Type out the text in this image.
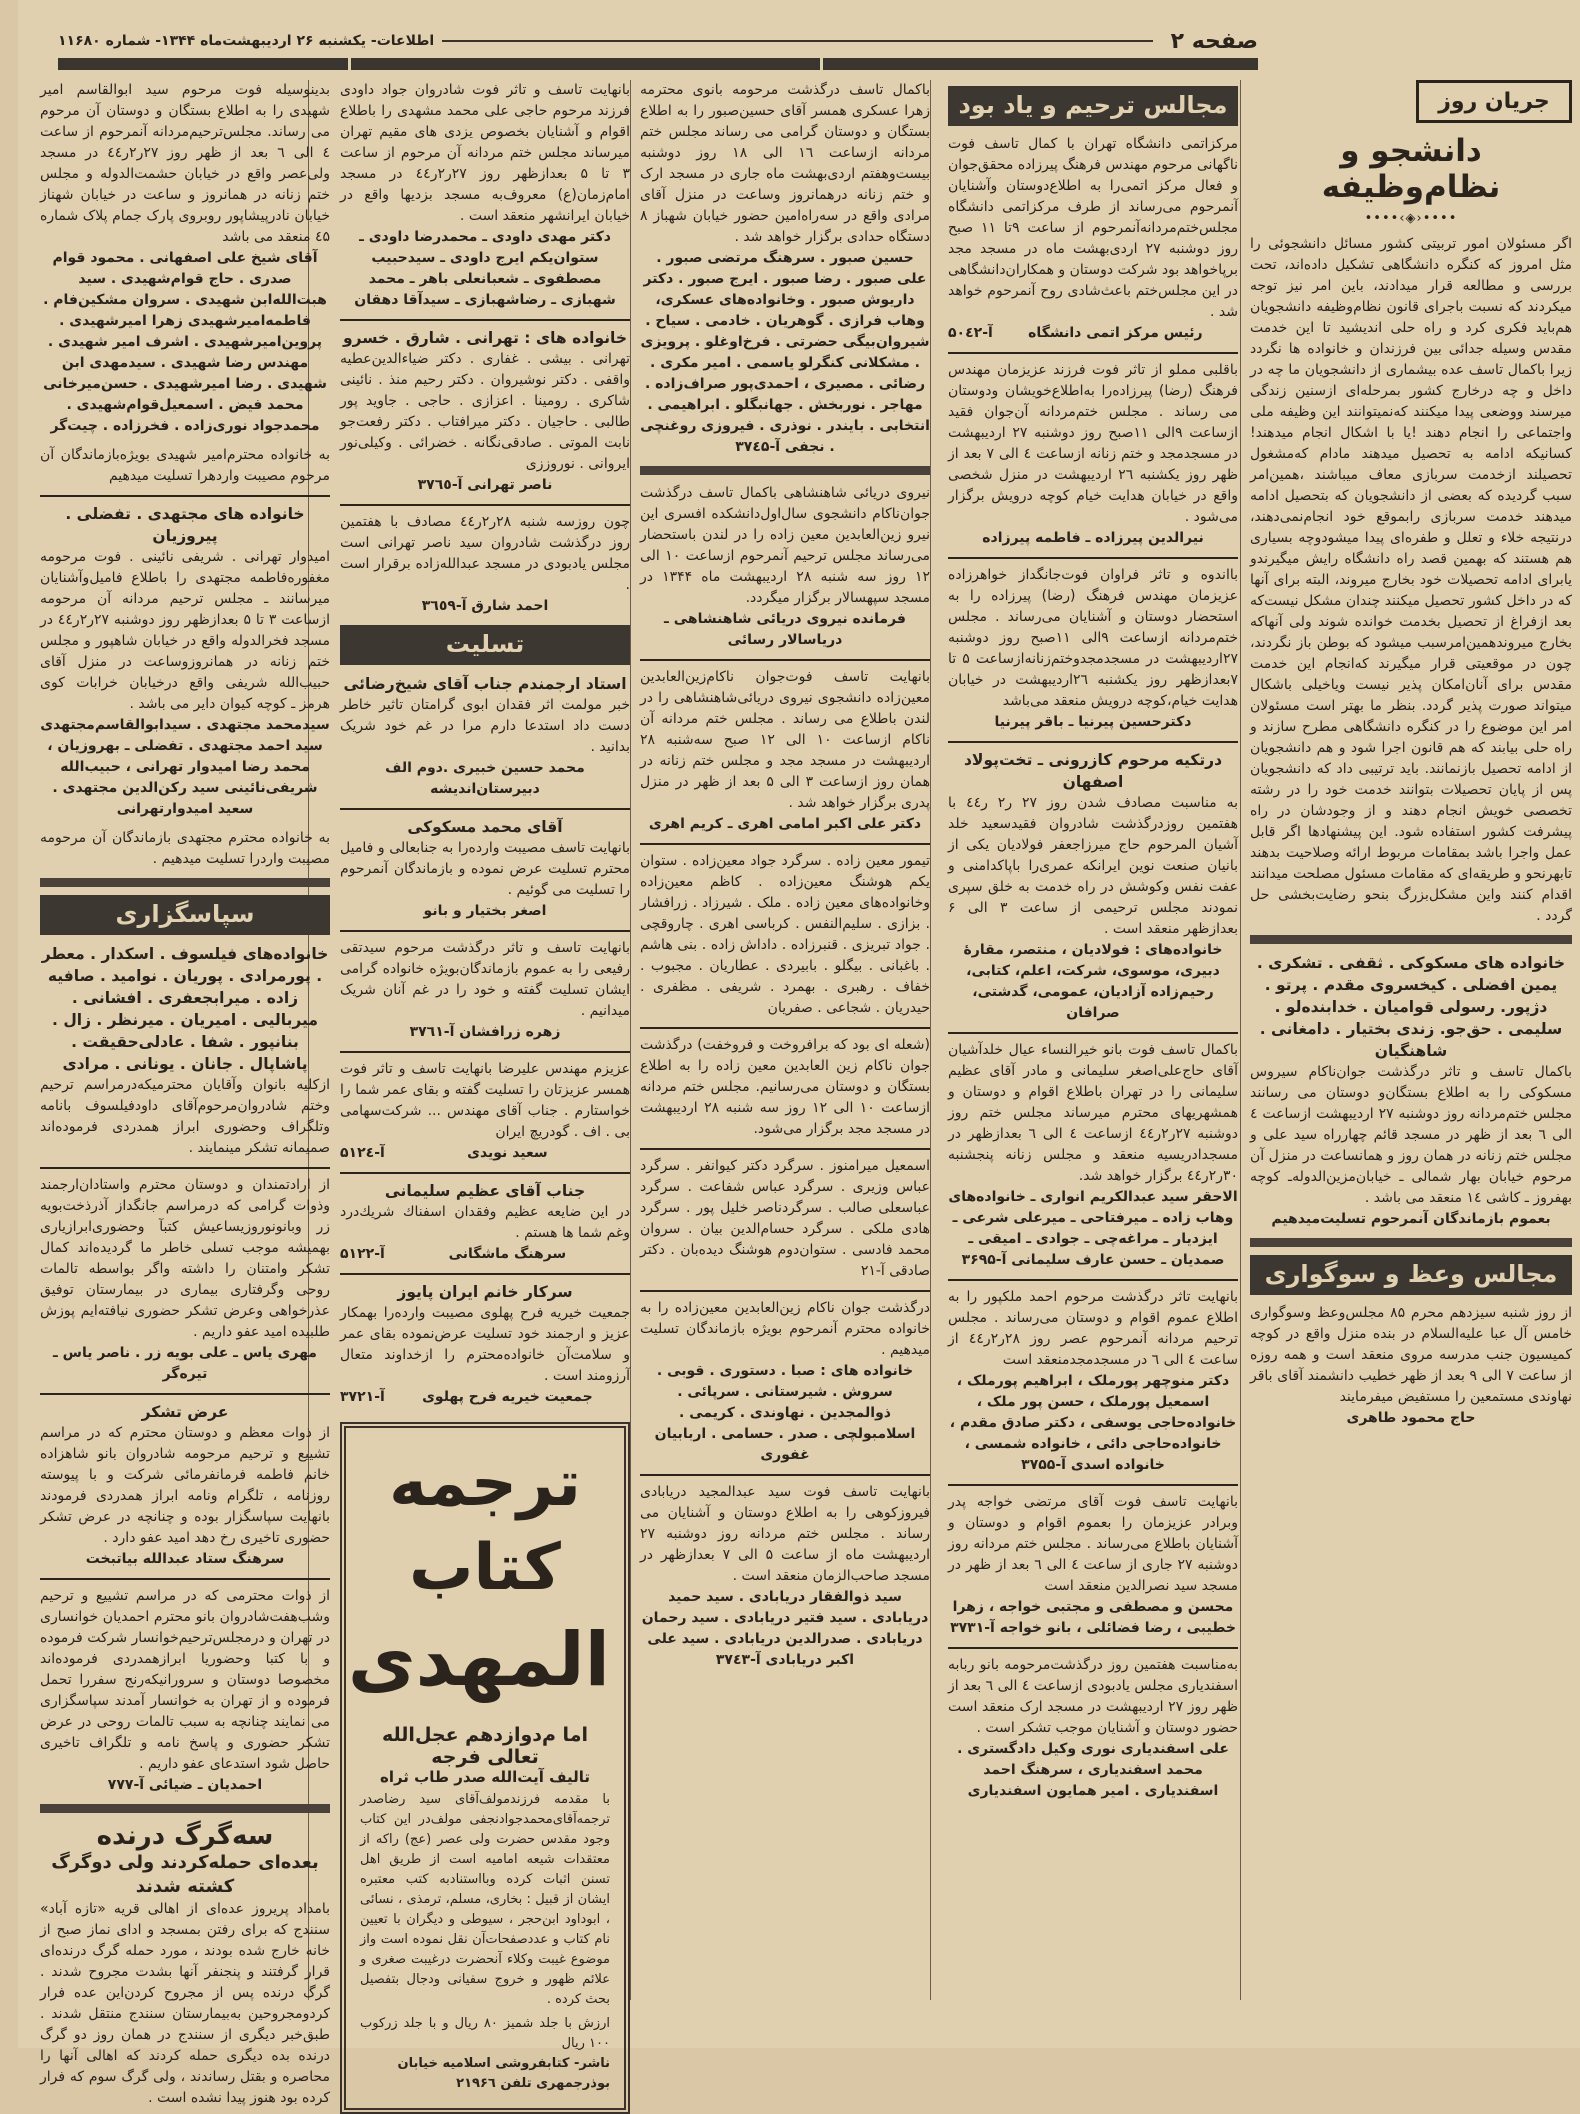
صفحه ۲
اطلاعات- یکشنبه ۲۶ اردیبهشت‌ماه ۱۳۴۴- شماره ۱۱۶۸۰
جریان روز
دانشجو و نظام‌وظیفه
••••‹◈›••••
اگر مسئولان امور تربیتی کشور مسائل دانشجوئی را مثل امروز که کنگره دانشگاهی تشکیل داده‌اند، تحت بررسی و مطالعه قرار میدادند، باین امر نیز توجه میکردند که نسبت باجرای قانون نظام‌وظیفه دانشجویان هم‌باید فکری کرد و راه حلی اندیشید تا این خدمت مقدس وسیله جدائی بین فرزندان و خانواده ها نگردد زیرا باکمال تاسف عده بیشماری از دانشجویان ما چه در داخل و چه درخارج کشور بمرحله‌ای ازسنین زندگی میرسند ووضعی پیدا میکنند که‌نمیتوانند این وظیفه ملی واجتماعی را انجام دهند !یا با اشکال انجام میدهند! کسانیکه ادامه به تحصیل میدهند مادام که‌مشغول تحصیلند ازخدمت سربازی معاف میباشند ،همین‌امر سبب گردیده که بعضی از دانشجویان که بتحصیل ادامه میدهند خدمت سربازی رابموقع خود انجام‌نمی‌دهند، درنتیجه خلاء و تعلل و طفره‌ای پیدا میشودوچه بسیاری هم هستند که بهمین قصد راه دانشگاه رایش میگیرندو یابرای ادامه تحصیلات خود بخارج میروند، البته برای آنها که در داخل کشور تحصیل میکنند چندان مشکل نیست‌که بعد ازفراغ از تحصیل بخدمت خوانده شوند ولی آنهاکه بخارج میروندهمین‌امرسبب میشود که بوطن باز نگردند، چون در موقعیتی قرار میگیرند که‌انجام این خدمت مقدس برای آنان‌امکان پذیر نیست ویاخیلی باشکال میتواند صورت پذیر گردد. بنظر ما بهتر است مسئولان امر این موضوع را در کنگره دانشگاهی مطرح سازند و راه حلی بیابند که هم قانون اجرا شود و هم دانشجویان از ادامه تحصیل بازنمانند. باید ترتیبی داد که دانشجویان پس از پایان تحصیلات بتوانند خدمت خود را در رشته تخصصی خویش انجام دهند و از وجودشان در راه پیشرفت کشور استفاده شود. این پیشنهادها اگر قابل عمل واجرا باشد بمقامات مربوط ارائه وصلاحیت بدهند تابهرنحو و طریقه‌ای که مقامات مسئول مصلحت میدانند اقدام کنند واین مشکل‌بزرگ بنحو رضایت‌بخشی حل گردد .
خانواده های مسکوکی . ثقفی . تشکری . یمین افضلی . کیخسروی مقدم . پرتو . دژپور. رسولی قوامیان . خدابنده‌لو . سلیمی . حق‌جو. زندی بختیار . دامغانی . شاهنگیان
باکمال تاسف و تاثر درگذشت جوان‌ناکام سیروس مسکوکی را به اطلاع بستگان‌و دوستان می رسانند مجلس ختم‌مردانه روز دوشنبه ۲۷ اردیبهشت ازساعت ٤ الی ٦ بعد از ظهر در مسجد قائم چهارراه سید علی و مجلس ختم زنانه در همان روز و همانساعت در منزل آن مرحوم خیابان بهار شمالی ـ خیابان‌مزین‌الدوله‌ـ کوچه بهفروز ـ کاشی ١٤ منعقد می باشد .
بعموم بازماندگان آنمرحوم تسلیت‌میدهیم
مجالس وعظ و سوگواری
از روز شنبه سیزدهم محرم ۸۵ مجلس‌وعظ وسوگواری خامس آل عبا علیه‌السلام در بنده منزل واقع در کوچه کمیسیون جنب مدرسه مروی منعقد است و همه روزه از ساعت ۷ الی ۹ بعد از ظهر خطیب دانشمند آقای باقر نهاوندی مستمعین را مستفیض میفرمایند
حاج محمود طاهری
مجالس ترحیم و یاد بود
مرکزاتمی دانشگاه تهران با کمال تاسف فوت ناگهانی مرحوم مهندس فرهنگ پیرزاده محقق‌جوان و فعال مرکز اتمی‌را به اطلاع‌دوستان وآشنایان آنمرحوم می‌رساند از طرف مرکزاتمی دانشگاه مجلس‌ختم‌مردانه‌آنمرحوم از ساعت ۹تا ۱۱ صبح روز دوشنبه ۲۷ اردی‌بهشت ماه در مسجد مجد برپاخواهد بود شرکت دوستان و همکاران‌دانشگاهی در این مجلس‌ختم باعث‌شادی روح آنمرحوم خواهد شد .
رئیس مرکز اتمی دانشگاه
آ-۵۰٤۲
باقلبی مملو از تاثر فوت فرزند عزیزمان مهندس فرهنگ (رضا) پیرزاده‌را به‌اطلاع‌خویشان ودوستان می رساند . مجلس ختم‌مردانه آن‌جوان فقید ازساعت ۹الی ۱۱صبح روز دوشنبه ۲۷ اردیبهشت در مسجدمجد و ختم زنانه ازساعت ٤ الی ٧ بعد از ظهر روز یکشنبه ۲٦ اردیبهشت در منزل شخصی واقع در خیابان هدایت خیام کوچه درویش برگزار می‌شود .
نیرالدین پیرزاده ـ فاطمه پیرزاده
بااندوه و تاثر فراوان فوت‌جانگداز خواهرزاده عزیزمان مهندس فرهنگ (رضا) پیرزاده را به استحضار دوستان و آشنایان می‌رساند . مجلس ختم‌مردانه ازساعت ۹الی ۱۱صبح روز دوشنبه ۲۷اردیبهشت در مسجدمجدوختم‌زنانه‌ازساعت ۵ تا ۷بعدازظهر روز یکشنبه ۲٦اردیبهشت در خیابان هدایت خیام،کوچه درویش منعقد می‌باشد
دکترحسین پیرنیا ـ باقر پیرنیا
درتکیه مرحوم کازرونی ـ تخت‌پولاد اصفهان
به مناسبت مصادف شدن روز ۲۷ ر۲ ر٤٤ با هفتمین روزدرگذشت شادروان فقیدسعید خلد آشیان المرحوم حاج میرزاجعفر فولادیان یکی از بانیان صنعت نوین ایرانکه عمری‌را باپاکدامنی و عفت نفس وکوشش در راه خدمت به خلق سپری نمودند مجلس ترحیمی از ساعت ۳ الی ۶ بعدازظهر منعقد است .
خانواده‌های : فولادیان ، منتصر، مقارهٔ دبیری، موسوی، شرکت، اعلم، کتابی، رحیم‌زاده آزادیان، عمومی، گدشتی، صرافان
باکمال تاسف فوت بانو خیرالنساء عیال خلدآشیان آقای حاج‌علی‌اصغر سلیمانی و مادر آقای عظیم سلیمانی را در تهران باطلاع اقوام و دوستان و همشهریهای محترم میرساند مجلس ختم روز دوشنبه ۲۷ر۲ر٤٤ ازساعت ٤ الی ٦ بعدازظهر در مسجدادریسیه منعقد و مجلس زنانه پنجشنبه ۳۰ر۲ر٤٤ برگزار خواهد شد.
الاحقر سید عبدالکریم انواری ـ خانواده‌های وهاب زاده ـ میرفتاحی ـ میرعلی شرعی ـ ایزدیار ـ مراغه‌چی ـ جوادی ـ امیقی ـ صمدیان ـ حسن عارف سلیمانی آ-۳۶۹۵
بانهایت تاثر درگذشت مرحوم احمد ملکپور را به اطلاع عموم اقوام و دوستان می‌رساند . مجلس ترحیم مردانه آنمرحوم عصر روز ۲۸ر۲ر٤٤ از ساعت ٤ الی ٦ در مسجدمجدمنعقد است
دکتر منوچهر پورملک ، ابراهیم پورملک ، اسمعیل پورملک ، حسن پور ملک ، خانواده‌حاجی یوسفی ، دکتر صادق مقدم ، خانواده‌حاجی دائی ، خانواده شمسی ، خانواده اسدی آ-۳۷۵۵
بانهایت تاسف فوت آقای مرتضی خواجه پدر وبرادر عزیزمان را بعموم اقوام و دوستان و آشنایان باطلاع می‌رساند . مجلس ختم مردانه روز دوشنبه ۲۷ جاری از ساعت ٤ الی ٦ بعد از ظهر در مسجد سید نصرالدین منعقد است
محسن و مصطفی و مجتبی خواجه ، زهرا خطیبی ، رضا فضائلی ، بانو خواجه آ-۳۷۳۱
به‌مناسبت هفتمین روز درگذشت‌مرحومه بانو ربابه اسفندیاری مجلس یادبودی ازساعت ٤ الی ٦ بعد از ظهر روز ۲۷ اردیبهشت در مسجد ارک منعقد است حضور دوستان و آشنایان موجب تشکر است .
علی اسفندیاری نوری وکیل دادگستری . محمد اسفندیاری ، سرهنگ احمد اسفندیاری . امیر همایون اسفندیاری
باکمال تاسف درگذشت مرحومه بانوی محترمه زهرا عسکری همسر آقای حسین‌صبور را به اطلاع بستگان و دوستان گرامی می رساند مجلس ختم مردانه ازساعت ۱٦ الی ۱۸ روز دوشنبه بیست‌وهفتم ‌اردی‌بهشت ماه جاری در مسجد ارک و ختم زنانه درهمانروز وساعت در منزل آقای مرادی واقع در سه‌راه‌امین حضور خیابان شهباز ۸ دستگاه حدادی برگزار خواهد شد .
حسین صبور . سرهنگ مرتضی صبور . علی صبور . رضا صبور . ایرج صبور . دکتر داریوش صبور . وخانواده‌های عسکری، وهاب فرازی . گوهریان . خادمی . سیاح . شیروان‌بیگی حضرتی . فرخ‌اوغلو . پرویزی . مشکلانی کنگرلو یاسمی . امیر مکری . رضائی . مصیری ، احمدی‌پور صراف‌زاده . مهاجر . نوربخش . جهانبگلو . ابراهیمی . انتخابی . بایندر . نوذری . فیروزی روغنچی . نجفی آ-۳۷٤۵
نیروی دریائی شاهنشاهی باکمال تاسف درگذشت جوان‌ناکام دانشجوی سال‌اول‌دانشکده افسری این نیرو زین‌العابدین معین زاده را در لندن باستحضار می‌رساند مجلس ترحیم آنمرحوم ازساعت ۱۰ الی ۱۲ روز سه شنبه ۲۸ اردیبهشت ماه ۱۳۴۴ در مسجد سپهسالار برگزار میگردد.
فرمانده نیروی دریائی شاهنشاهی ـ دریاسالار رسائی
بانهایت تاسف فوت‌جوان ناکام‌زین‌العابدین معین‌زاده دانشجوی نیروی دریائی‌شاهنشاهی را در لندن باطلاع می رساند . مجلس ختم مردانه آن ناکام ازساعت ١٠ الی ١٢ صبح ‌سه‌شنبه ۲۸ اردیبهشت در مسجد مجد و مجلس ختم زنانه در همان روز ازساعت ۳ الی ۵ بعد از ظهر در منزل پدری برگزار خواهد شد .
دکتر علی اکبر امامی اهری ـ کریم اهری
تیمور معین زاده . سرگرد جواد معین‌زاده . ستوان یکم هوشنگ معین‌زاده . کاظم معین‌زاده وخانواده‌های معین زاده . ملک . شیرزاد . زرافشار . بزازی . سلیم‌النفس . کرباسی اهری . چاروقچی . جواد تبریزی . قنبرزاده . داداش زاده . بنی هاشم . باغبانی . بیگلو . بابیردی . عطاریان . مجبوب . خفاف . رهبری . بهمرد . شریفی . مظفری . حیدریان . شجاعی . صفریان
(شعله ای بود که برافروخت و فروخفت) درگذشت جوان ناکام زین العابدین معین زاده را به اطلاع بستگان و دوستان می‌رسانیم. مجلس ختم مردانه ازساعت ۱۰ الی ۱۲ روز سه شنبه ۲۸ اردیبهشت در مسجد مجد برگزار می‌شود.
اسمعیل میرامنوز . سرگرد دکتر کیوانفر . سرگرد عباس وزیری . سرگرد عباس شفاعت . سرگرد عباسعلی صالب . سرگردناصر خلیل پور . سرگرد هادی ملکی . سرگرد حسام‌الدین بیان . سروان محمد فادسی . ستوان‌دوم هوشنگ دیده‌بان . دکتر صادقی آ-۲۱
درگذشت جوان ناکام زین‌العابدین معین‌زاده را به خانواده محترم آنمرحوم بویژه بازماندگان تسلیت میدهیم .
خانواده های : صبا . دستوری . قوبی . سروش . شیرستانی . سرپائی . ذوالمجدین . نهاوندی . کریمی . اسلامبولچی . صدر . حسامی . اربابیان غفوری
بانهایت تاسف فوت سید عبدالمجید دریابادی فیروزکوهی را به اطلاع دوستان و آشنایان می رساند . مجلس ختم مردانه روز دوشنبه ۲۷ اردیبهشت ماه از ساعت ۵ الی ۷ بعدازظهر در مسجد صاحب‌الزمان منعقد است .
سید ذوالفقار دریابادی . سید حمید دریابادی . سید فتیر دریابادی . سید رحمان دریابادی . صدرالدین دریابادی . سید علی اکبر دریابادی آ-۳۷٤۳
بانهایت تاسف و تاثر فوت شادروان جواد داودی فرزند مرحوم حاجی علی محمد مشهدی را باطلاع اقوام و آشنایان بخصوص یزدی های مقیم تهران میرساند مجلس ختم مردانه آن مرحوم از ساعت ۳ تا ۵ بعدازظهر روز ۲۷ر۲ر٤٤ در مسجد امام‌زمان(ع) معروف‌به مسجد بزدیها واقع در خیابان ایرانشهر منعقد است .
دکتر مهدی داودی ـ محمدرضا داودی ـ ستوان‌یکم ایرج داودی ـ سیدحبیب مصطفوی ـ شعبانعلی باهر ـ محمد شهبازی ـ رضاشهبازی ـ سیدآقا دهقان
خانواده های : تهرانی . شارق . خسرو
تهرانی . بیشی . غفاری . دکتر ضیاءالدین‌عطیه واقفی . دکتر نوشیروان . دکتر رحیم‌ منذ . نائینی شاکری . رومینا . اعزازی . حاجی . جاوید پور طالبی . حاجیان . دکتر میرافتاب . دکتر رفعت‌جو نابت الموتی . صادقی‌نگانه . خضرائی . وکیلی‌نور ایروانی . نوروززی
ناصر تهرانی آ-۳۷٦٥
چون روزسه شنبه ۲۸ر۲ر٤٤ مصادف با هفتمین روز درگذشت شادروان سید ناصر تهرانی است مجلس یادبودی در مسجد عبدالله‌زاده برقرار است .
احمد شارق آ-۳٦٥۹
تسلیت
استاد ارجمندم جناب آقای شیخ‌رضائی
خبر مولمت اثر فقدان ابوی گرامتان تاثیر خاطر دست داد استدعا دارم مرا در غم خود شریک بدانید .
محمد حسین خبیری .دوم الف دبیرستان‌اندیشه
آقای محمد مسکوکی
بانهایت تاسف مصیبت وارده‌را به جنابعالی و فامیل محترم تسلیت عرض نموده و بازماندگان آنمرحوم را تسلیت می گوئیم .
اصغر بختیار و بانو
بانهایت تاسف و تاثر درگذشت مرحوم سیدتقی رفیعی را به عموم بازماندگان‌بویژه خانواده گرامی ایشان تسلیت گفته و خود را در غم آنان شریک میدانیم .
زهره زرافشان آ-۳۷٦۱
عزیزم مهندس علیرضا بانهایت تاسف‌ و تاثر فوت همسر عزیزتان را تسلیت گفته و بقای عمر شما را خواستارم . جناب آقای مهندس ... شرکت‌سهامی بی . اف . گودریچ ایران
سعید نویدی
آ-۵۱۲٤
جناب آقای عظیم سلیمانی
در این ضایعه عظیم وفقدان اسفناك شریك‌درد وغم شما ها هستم .
سرهنگ ماشگانی
آ-۵۱۲۲
سرکار خانم ایران پایوز
جمعیت خیریه فرح پهلوی مصیبت وارده‌را بهمکار عزیز و ارجمند خود تسلیت عرض‌نموده بقای عمر و سلامت‌آن خانواده‌محترم را ازخداوند متعال آرزومند است .
جمعیت خیریه فرح پهلوی
آ-۳۷۲۱
ترجمه کتاب
المهدی
اما م‌دوازدهم عجل‌الله تعالی فرجه
تالیف آیت‌الله صدر طاب ثراه
با مقدمه فرزندمولف‌آقای سید رضاصدر ترجمه‌آقای‌محمدجوادنجفی مولف‌در این کتاب وجود مقدس حضرت ولی عصر (عج) راکه از معتقدات شیعه امامیه است از طریق اهل تسنن اثبات کرده وبااستنادبه کتب معتبره ایشان از قبیل : بخاری، مسلم، ترمذی ، نسائی ، ابوداود ابن‌حجر ، سیوطی و دیگران با تعیین نام کتاب و عددصفحات‌آن نقل نموده است واز موضوع غیبت وکلاء آنحضرت درغیبت صغری و علائم ظهور و خروج سفیانی ودجال بتفصیل بحث کرده .
ارزش با جلد شمیز ۸۰ ریال و با جلد زرکوب ۱۰۰ ریال
ناشر- کتابفروشی اسلامیه خیابان بوذرجمهری تلفن ۲۱۹۶٦
بدینوسیله فوت مرحوم سید ابوالقاسم امیر شهیدی را به اطلاع بستگان و دوستان آن مرحوم می رساند. مجلس‌ترحیم‌مردانه آنمرحوم از ساعت ٤ الی ٦ بعد از ظهر روز ۲۷ر۲ر٤٤ در مسجد ولی‌عصر واقع در خیابان حشمت‌الدوله و مجلس ختم زنانه در همانروز و ساعت در خیابان شهناز خیابان نادرپیشاپور روبروی پارک جمام پلاک شماره ٤۵ منعقد می باشد
آقای شیخ علی اصفهانی . محمود قوام صدری . حاج قوام‌شهیدی . سید هبت‌الله‌ابن شهیدی . سروان مشکین‌فام . فاطمه‌امیرشهیدی زهرا امیرشهیدی . پروین‌امیرشهیدی . اشرف امیر شهیدی . مهندس رضا شهیدی . سیدمهدی ابن شهیدی . رضا امیرشهیدی . حسن‌میرخانی محمد فیض . اسمعیل‌قوام‌شهیدی . محمدجواد نوری‌زاده . فخرزاده . چیت‌گر
به خانواده محترم‌امیر شهیدی بویژه‌بازماندگان آن مرحوم مصیبت واردهرا تسلیت میدهیم
خانواده های مجتهدی . تفضلی . پیروزیان
امیدوار تهرانی . شریفی نائینی . فوت مرحومه مغفوره‌فاطمه مجتهدی را باطلاع فامیل‌وآشنایان میرسانند ـ مجلس ترحیم مردانه آن مرحومه ازساعت ۳ تا ۵ بعدازظهر روز دوشنبه ۲۷ر۲ر٤٤ در مسجد فخرالدوله واقع در خیابان شاهپور و مجلس ختم زنانه در همانروزوساعت در منزل آقای حبیب‌الله شریفی واقع درخیابان خرابات کوی هرمز ـ کوچه کیوان دایر می باشد .
سیدمحمد مجتهدی . سیدابوالقاسم‌مجتهدی سید احمد مجتهدی . تفضلی ـ بهروزیان ، محمد رضا امیدوار تهرانی ، حبیب‌الله شریفی‌نائینی سید رکن‌الدین مجتهدی . سعید امیدوارتهرانی
به خانواده محترم مجتهدی بازماندگان آن مرحومه مصیبت واردرا تسلیت میدهیم .
سپاسگزاری
خانواده‌های فیلسوف . اسکدار . معطر . پورمرادی . پوریان . نوامید . صافیه زاده . میرابجعفری . افشانی . میربالیی . امیریان . میرنظر . زال . بنانپور . شفا . عادلی‌حقیقت . پاشاپال . جانان . یونانی . مرادی
ازکلیه بانوان وآقایان محترمیکه‌درمراسم ترحیم وختم شادروان‌مرحوم‌آقای داودفیلسوف بانامه وتلگراف وحضوری ابراز همدردی فرموده‌اند صمیمانه تشکر مینمایند .
از ارادتمندان و دوستان محترم واستادان‌ارجمند وذوات گرامی که درمراسم جانگداز آذرذخت‌بویه زر وبانونوروزیساعیش کتبآ وحضوری‌ابرازیاری بهمیشه موجب تسلی خاطر ما گردیده‌اند کمال تشکر وامتنان را داشته واگر بواسطه تالمات روحی وگرفتاری بیماری در بیمارستان توفیق عذرخواهی وعرض تشکر حضوری نیافته‌ایم پوزش طلبیده امید عفو داریم .
مهری یاس ـ علی بویه زر . ناصر یاس ـ تیره‌گر
عرض تشکر
از ذوات معظم و دوستان محترم که در مراسم تشییع و ترحیم مرحومه شادروان بانو شاهزاده خانم فاطمه فرمانفرمائی شرکت و با پیوسته روزنامه ، تلگرام ونامه ابراز همدردی فرمودند بانهایت سپاسگزار بوده و چنانچه در عرض تشکر حضوری تاخیری رخ دهد امید عفو دارد .
سرهنگ ستاد عبدالله بیاتبخت
از ذوات محترمی که در مراسم تشییع و ترحیم وشب‌هفت‌شادروان بانو محترم احمدیان خوانساری در تهران و درمجلس‌ترحیم‌خوانسار شرکت فرموده و با کتبا وحضوریا ابرازهمدردی فرموده‌اند مخصوصا دوستان و سرورانیکه‌رنج سفررا تحمل فرموده و از تهران به خوانسار آمدند سپاسگزاری می نمایند چنانچه به سبب تالمات روحی در عرض تشکر حضوری و پاسخ نامه و تلگراف تاخیری حاصل شود استدعای عفو داریم .
احمدیان ـ ضیائی آ-۷۷۷
سه‌گرگ درنده
بعده‌ای حمله‌کردند ولی دوگرگ کشته شدند
بامداد پریروز عده‌ای از اهالی قریه «تازه آباد» سنندج که برای رفتن بمسجد و ادای نماز صبح از خانه خارج شده بودند ، مورد حمله گرگ درنده‌ای قرار گرفتند و پنجنفر آنها بشدت مجروح شدند . گرگ درنده پس از مجروح کردن‌این عده فرار کردومجروحین به‌بیمارستان سنندج منتقل شدند . طبق‌خبر دیگری از سنندج در همان روز دو گرگ درنده بده دیگری حمله کردند که اهالی آنها را محاصره و بقتل رساندند ، ولی گرگ سوم که فرار کرده بود هنوز پیدا نشده است .
